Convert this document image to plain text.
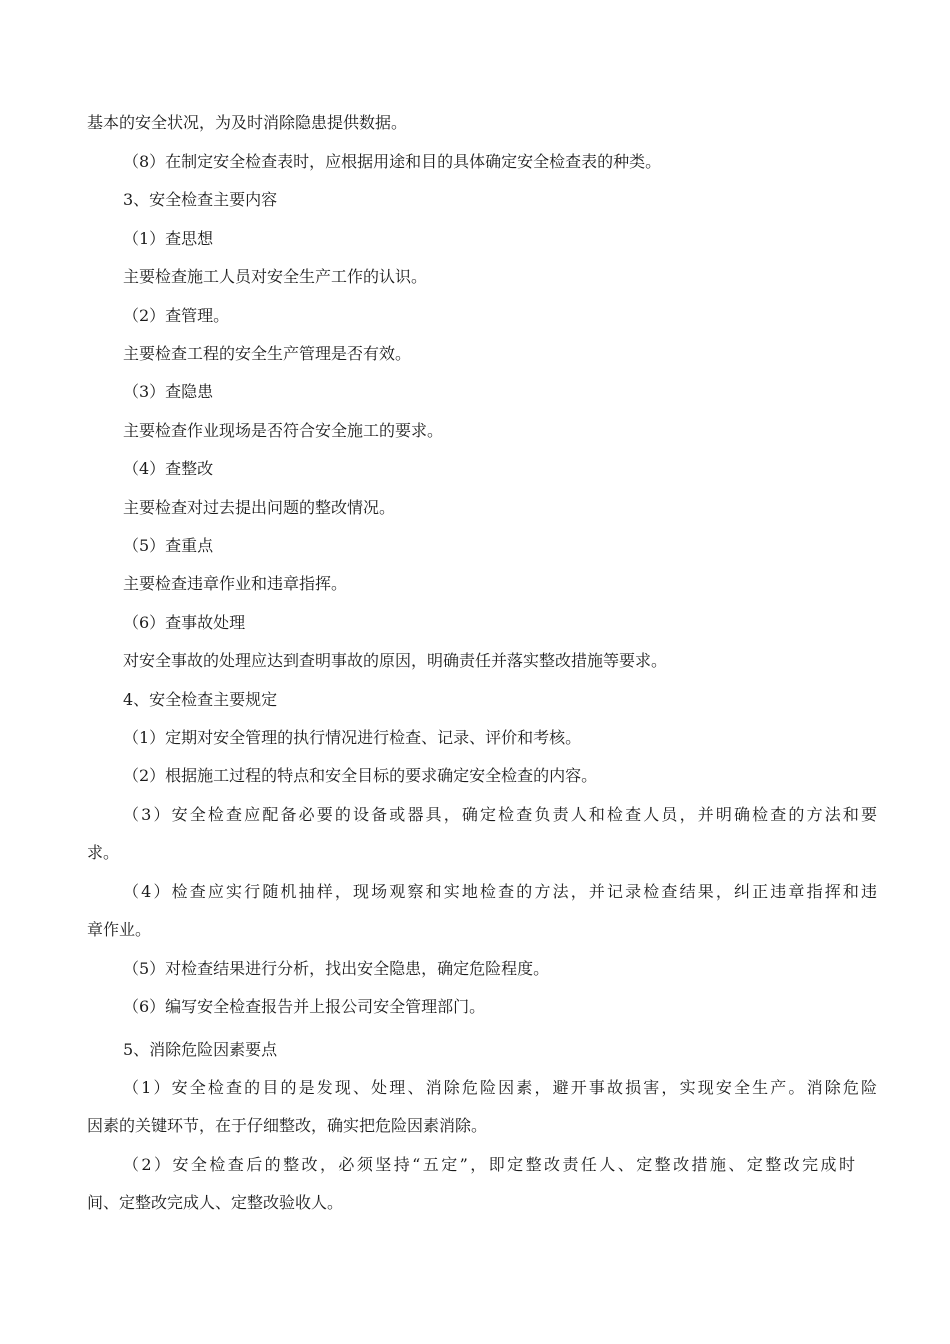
基本的安全状况，为及时消除隐患提供数据。

（8）在制定安全检查表时，应根据用途和目的具体确定安全检查表的种类。

3、安全检查主要内容

（1）查思想

主要检查施工人员对安全生产工作的认识。

（2）查管理。

主要检查工程的安全生产管理是否有效。

（3）查隐患

主要检查作业现场是否符合安全施工的要求。

（4）查整改

主要检查对过去提出问题的整改情况。

（5）查重点

主要检查违章作业和违章指挥。

（6）查事故处理

对安全事故的处理应达到查明事故的原因，明确责任并落实整改措施等要求。

4、安全检查主要规定

（1）定期对安全管理的执行情况进行检查、记录、评价和考核。

（2）根据施工过程的特点和安全目标的要求确定安全检查的内容。

（3）安全检查应配备必要的设备或器具，确定检查负责人和检查人员，并明确检查的方法和要

求。

（4）检查应实行随机抽样，现场观察和实地检查的方法，并记录检查结果，纠正违章指挥和违

章作业。

（5）对检查结果进行分析，找出安全隐患，确定危险程度。

（6）编写安全检查报告并上报公司安全管理部门。

5、消除危险因素要点

（1）安全检查的目的是发现、处理、消除危险因素，避开事故损害，实现安全生产。消除危险

因素的关键环节，在于仔细整改，确实把危险因素消除。

（2）安全检查后的整改，必须坚持“五定”，即定整改责任人、定整改措施、定整改完成时

间、定整改完成人、定整改验收人。
